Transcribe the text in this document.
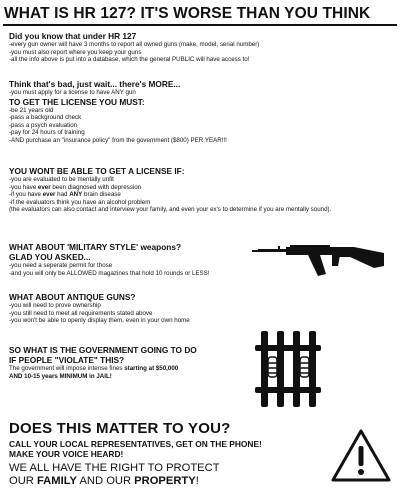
WHAT IS HR 127? IT'S WORSE THAN YOU THINK
Did you know that under HR 127
-every gun owner will have 3 months to report all owned guns (make, model, serial number)
-you must also report where you keep your guns
-all the info above is put into a database, which the general PUBLIC will have access to!
Think that's bad, just wait... there's MORE...
-you must apply for a license to have ANY gun
TO GET THE LICENSE YOU MUST:
-be 21 years old
-pass a background check
-pass a psych evaluation
-pay for 24 hours of training
-AND purchase an "insurance policy" from the government ($800) PER YEAR!!!
YOU WONT BE ABLE TO GET A LICENSE IF:
-you are evaluated to be mentally unfit
-you have ever been diagnosed with depression
-if you have ever had ANY brain disease
-if the evaluators think you have an alcohol problem
(the evaluators can also contact and interview your family, and even your ex's to determine if you are mentally sound).
WHAT ABOUT 'MILITARY STYLE' weapons?
GLAD YOU ASKED...
-you need a seperate permit for those
-and you will only be ALLOWED magazines that hold 10 rounds or LESS!
WHAT ABOUT ANTIQUE GUNS?
-you will need to prove ownership
-you still need to meet all requirements stated above
-you won't be able to openly display them, even in your own home
SO WHAT IS THE GOVERNMENT GOING TO DO
IF PEOPLE "VIOLATE" THIS?
The government will impose intense fines starting at $50,000
AND 10-15 years MINIMUM in JAIL!
DOES THIS MATTER TO YOU?
CALL YOUR LOCAL REPRESENTATIVES, GET ON THE PHONE!
MAKE YOUR VOICE HEARD!
WE ALL HAVE THE RIGHT TO PROTECT
OUR FAMILY AND OUR PROPERTY!
